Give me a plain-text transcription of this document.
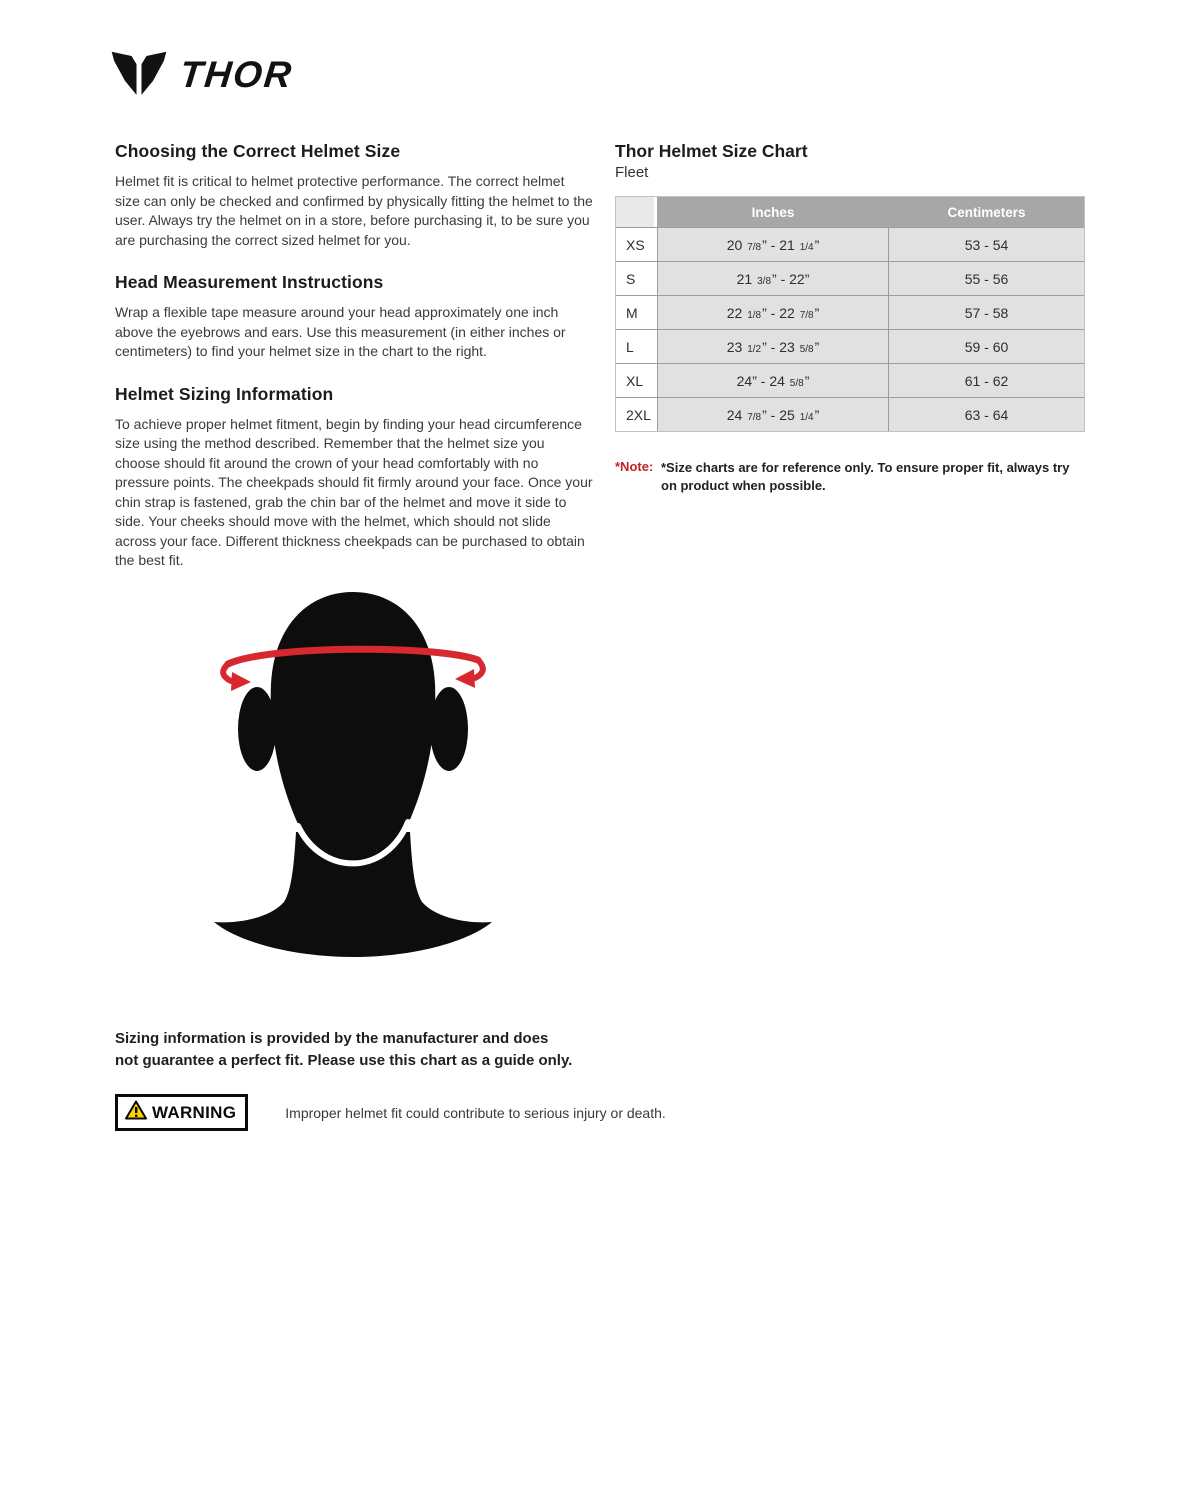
THOR
Choosing the Correct Helmet Size

Helmet fit is critical to helmet protective performance. The correct helmet size can only be checked and confirmed by physically fitting the helmet to the user. Always try the helmet on in a store, before purchasing it, to be sure you are purchasing the correct sized helmet for you.

Head Measurement Instructions

Wrap a flexible tape measure around your head approximately one inch above the eyebrows and ears. Use this measurement (in either inches or centimeters) to find your helmet size in the chart to the right.

Helmet Sizing Information

To achieve proper helmet fitment, begin by finding your head circumference size using the method described. Remember that the helmet size you choose should fit around the crown of your head comfortably with no pressure points. The cheekpads should fit firmly around your face. Once your chin strap is fastened, grab the chin bar of the helmet and move it side to side. Your cheeks should move with the helmet, which should not slide across your face. Different thickness cheekpads can be purchased to obtain the best fit.

Thor Helmet Size Chart
Fleet
	Inches	Centimeters
XS	20 7/8” - 21 1/4”	53 - 54
S	21 3/8” - 22”	55 - 56
M	22 1/8” - 22 7/8”	57 - 58
L	23 1/2” - 23 5/8”	59 - 60
XL	24” - 24 5/8”	61 - 62
2XL	24 7/8” - 25 1/4”	63 - 64
*Note: *Size charts are for reference only. To ensure proper fit, always try on product when possible.
Sizing information is provided by the manufacturer and does not guarantee a perfect fit. Please use this chart as a guide only.
WARNING	Improper helmet fit could contribute to serious injury or death.
